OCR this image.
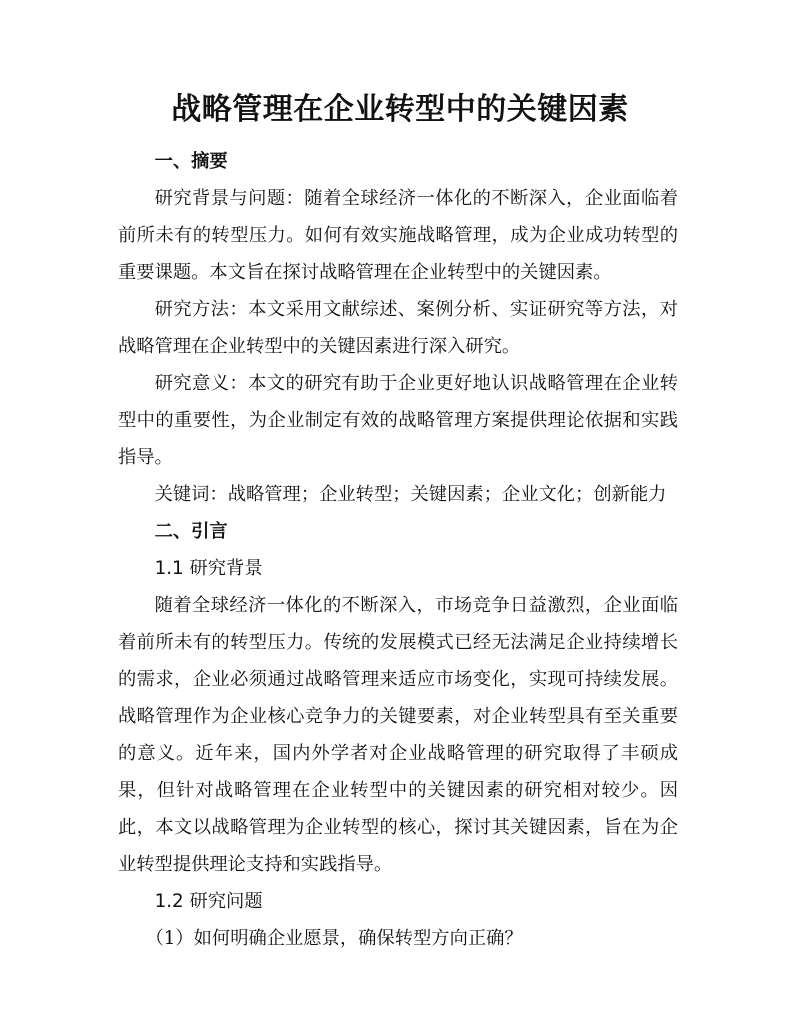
战略管理在企业转型中的关键因素

一、摘要

研究背景与问题：随着全球经济一体化的不断深入，企业面临着前所未有的转型压力。如何有效实施战略管理，成为企业成功转型的重要课题。本文旨在探讨战略管理在企业转型中的关键因素。

研究方法：本文采用文献综述、案例分析、实证研究等方法，对战略管理在企业转型中的关键因素进行深入研究。

研究意义：本文的研究有助于企业更好地认识战略管理在企业转型中的重要性，为企业制定有效的战略管理方案提供理论依据和实践指导。

关键词：战略管理；企业转型；关键因素；企业文化；创新能力

二、引言

1.1 研究背景

随着全球经济一体化的不断深入，市场竞争日益激烈，企业面临着前所未有的转型压力。传统的发展模式已经无法满足企业持续增长的需求，企业必须通过战略管理来适应市场变化，实现可持续发展。战略管理作为企业核心竞争力的关键要素，对企业转型具有至关重要的意义。近年来，国内外学者对企业战略管理的研究取得了丰硕成果，但针对战略管理在企业转型中的关键因素的研究相对较少。因此，本文以战略管理为企业转型的核心，探讨其关键因素，旨在为企业转型提供理论支持和实践指导。

1.2 研究问题

（1）如何明确企业愿景，确保转型方向正确？
